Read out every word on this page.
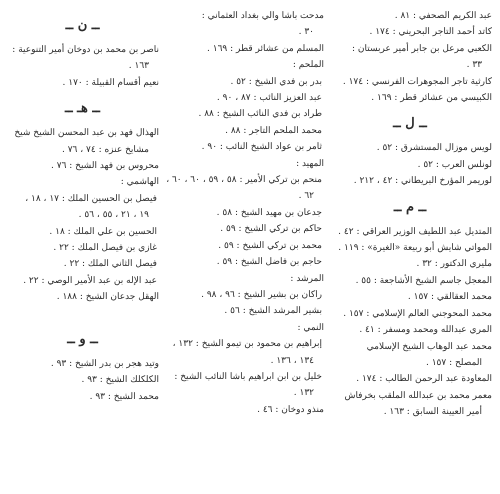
عبد الكريم الصحفي : ٨١ .
كاتد أحمد التاجر البحريني : ١٧٤ .
الكعبي مرعل بن جابر أمير عربستان :
٣٣ .
كارثية تاجر المجوهرات الفرنسي : ١٧٤ .
الكبيسي من عشائر قطر : ١٦٩ .
ــ ل ــ
لويس موزال المستشرق : ٥٢ .
لونلس العرب : ٥٢ .
لوريمر المؤرخ البريطاني : ٤٢ ، ٢١٢ .
ــ م ــ
المتديل عبد اللطيف الوزير العراقي : ٤٢ .
المواتي شايش أبو ربيعة «الغيرة» : ١١٩ .
مليري الدكتور : ٣٢ .
المعجل جاسم الشيخ الأشاجعة : ٥٥ .
محمد العقالقي : ١٥٧ .
محمد المحوجني العالم الإسلامي : ١٥٧ .
المري عبدالله ومحمد ومسفر : ٤١ .
محمد عبد الوهاب الشيخ الإسلامي
المصلح : ١٥٧ .
المعاودة عبد الرحمن الطالب : ١٧٤ .
معمر محمد بن عبدالله الملقب بخرفاش
أمير العيينة السابق : ١٦٣ .
مدحت باشا والي بغداد العثماني :
٣٠ .
المسلم من عشائر قطر : ١٦٩ .
الملحم :
بدر بن فدي الشيخ : ٥٢ .
عبد العزيز النائب : ٨٧ ، ٩٠ .
طراد بن فدي النائب الشيخ : ٨٨ .
محمد الملحم التاجر : ٨٨ .
ثامر بن عواد الشيخ النائب : ٩٠ .
المهيد :
منحم بن تركي الأمير : ٥٨ ، ٥٩ ، ٦٠ ، ٦٠ ،
٦٢ .
جدعان بن مهيد الشيخ : ٥٨ .
حاكم بن تركي الشيخ : ٥٩ .
محمد بن تركي الشيخ : ٥٩ .
حاجم بن فاضل الشيخ : ٥٩ .
المرشد :
راكان بن بشير الشيخ : ٩٦ ، ٩٨ .
بشير المرشد الشيخ : ٥٦ .
النمي :
إبراهيم بن محمود بن تيمو الشيخ : ١٣٢ ،
١٣٤ ، ١٣٦ .
خليل بن ابن ابراهيم باشا النائب الشيخ :
١٣٢ .
منذو دوخان : ٤٦ .
ــ ن ــ
ناصر بن محمد بن دوخان أمير التنوعية :
١٦٣ .
نعيم أقسام القبيلة : ١٧٠ .
ــ هـ ــ
الهذال فهد بن عبد المحسن الشيخ شيخ
مشايخ عنزه : ٧٤ ، ٧٦ .
محروس بن فهد الشيخ : ٧٦ .
الهاشمي :
فيصل بن الحسين الملك : ١٧ ، ١٨ ،
١٩ ، ٢١ ، ٥٥ ، ٥٦ .
الحسين بن علي الملك : ١٨ .
غازي بن فيصل الملك : ٢٢ .
فيصل الثاني الملك : ٢٢ .
عبد الإله بن عبد الأمير الوصي : ٢٢ .
الهقل جدعان الشيخ : ١٨٨ .
ــ و ــ
وتيد هجر بن بدر الشيخ : ٩٣ .
الكلكلك الشيخ : ٩٣ .
محمد الشيخ : ٩٣ .
